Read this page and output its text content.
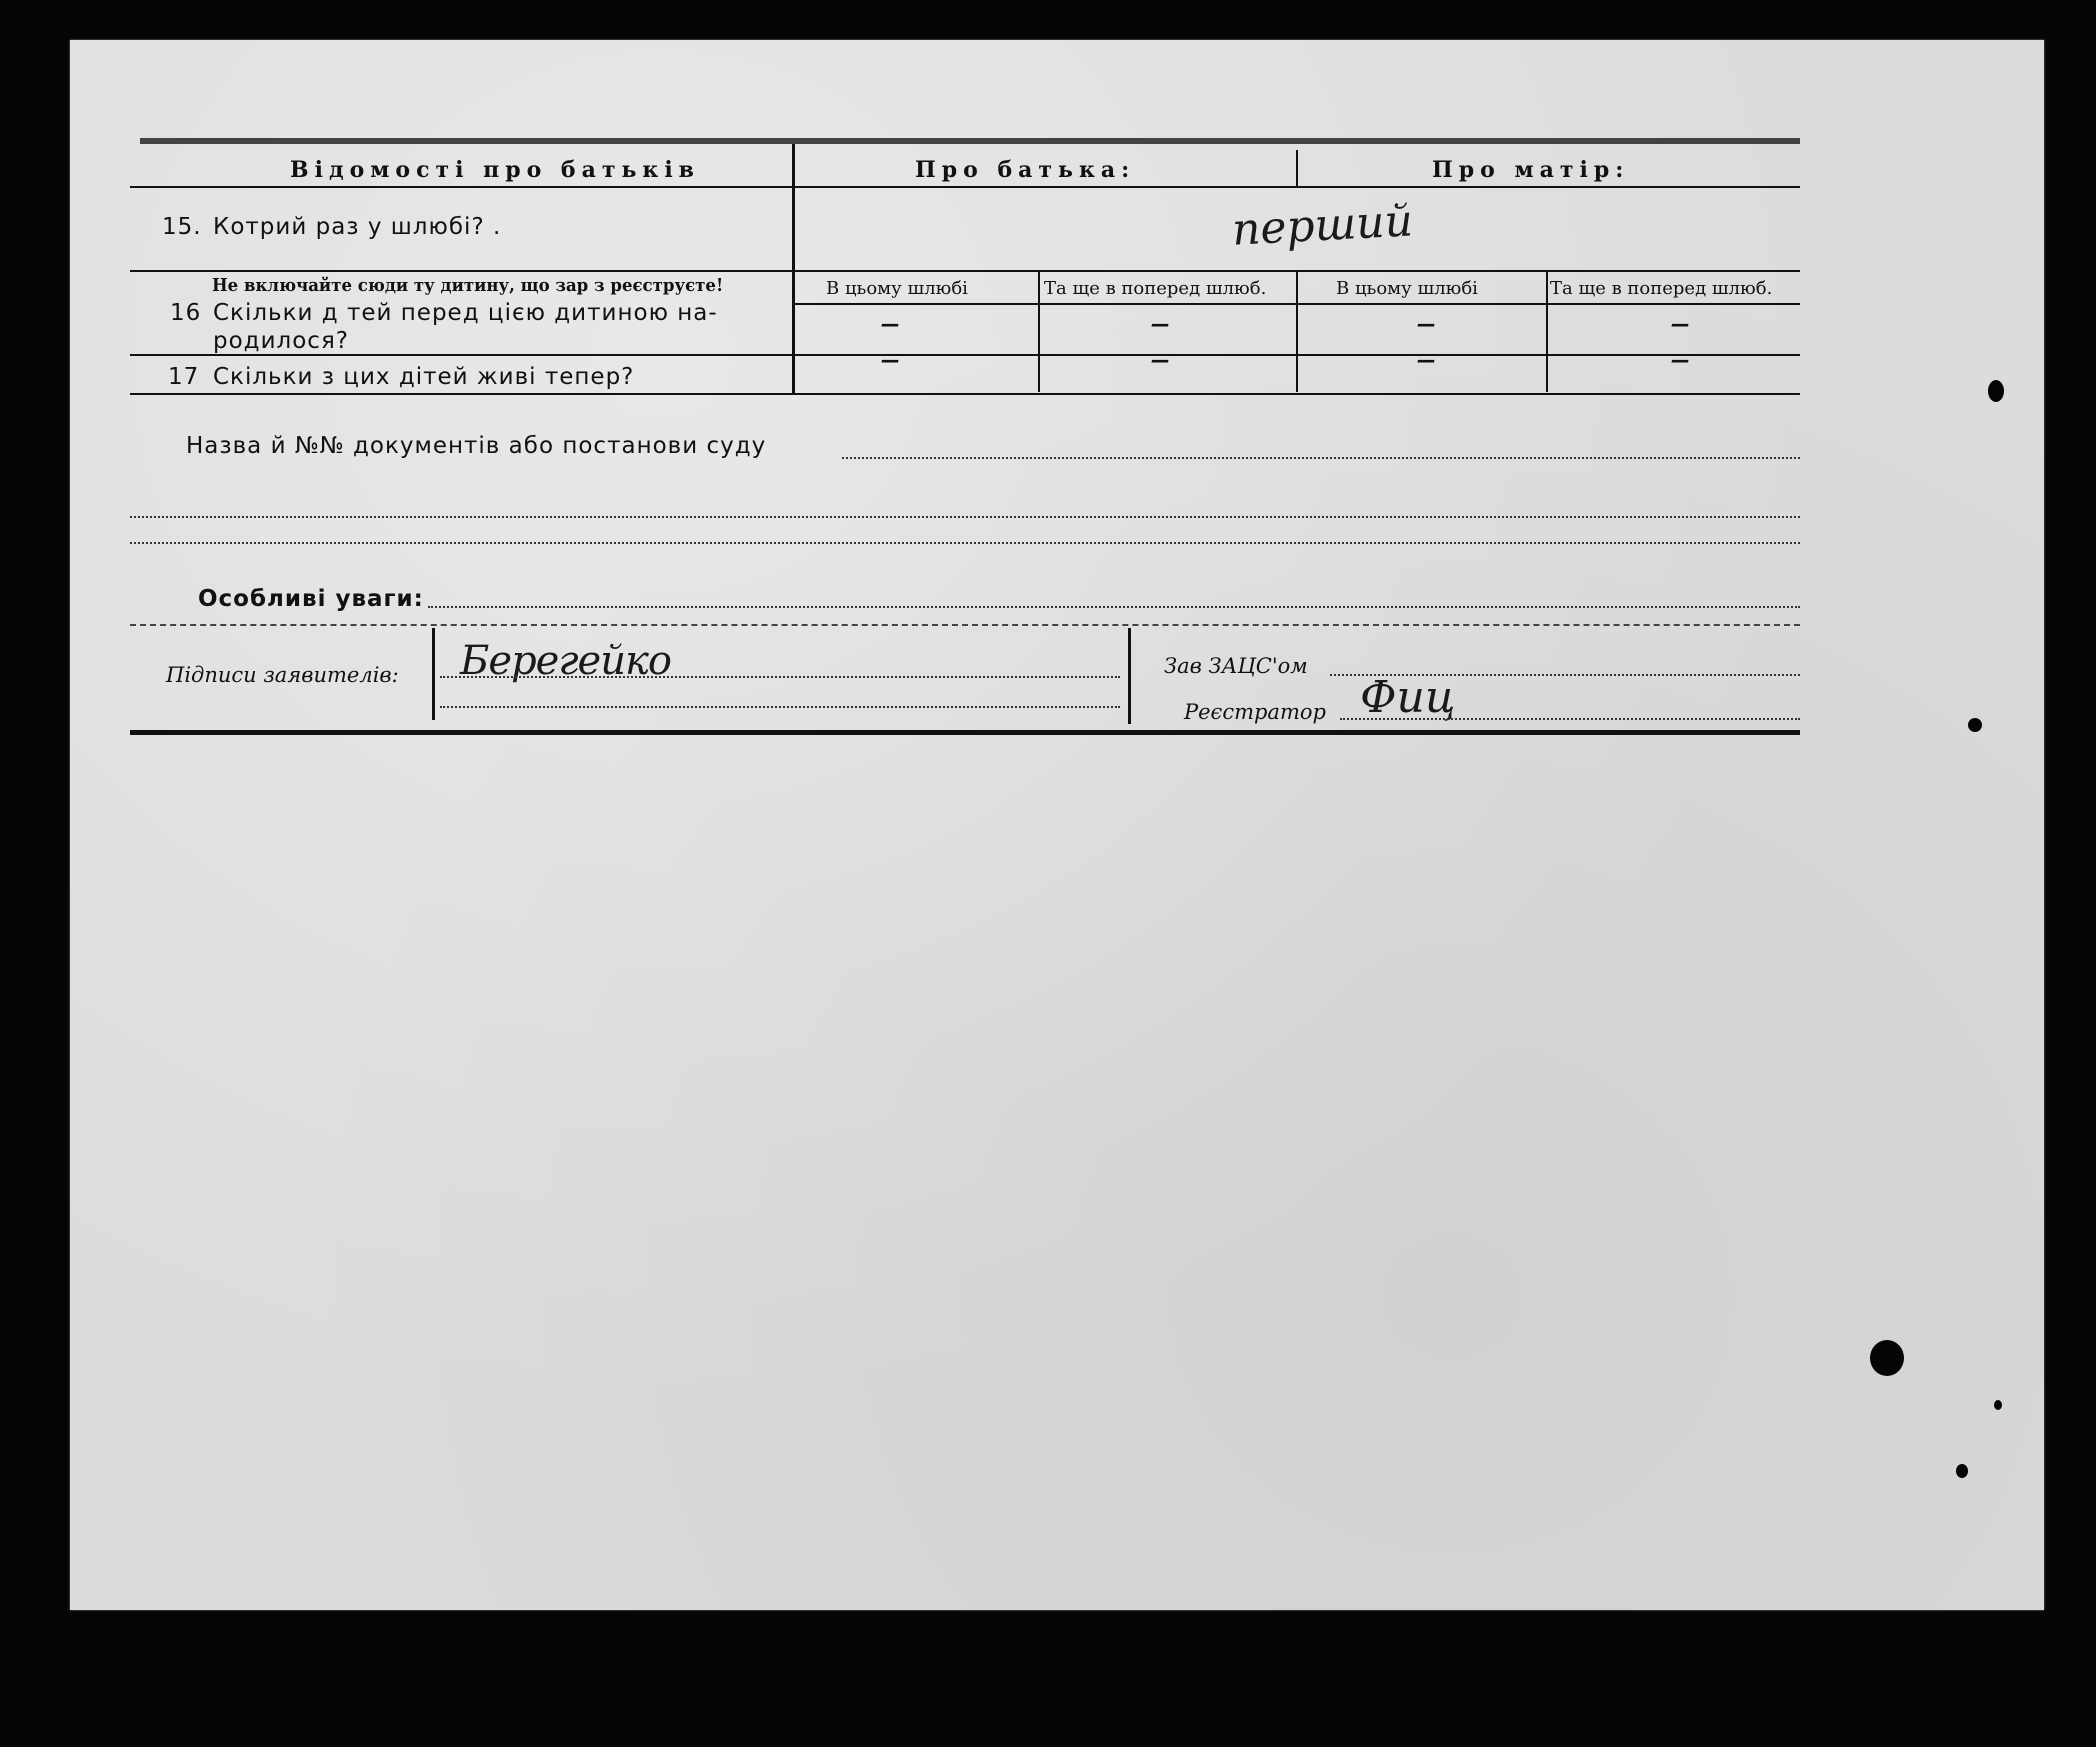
Відомості про батьків	Про батька:	Про матір:
15. Котрий раз у шлюбі? .	перший
Не включайте сюди ту дитину, що зар з реєструєте!
16 Скільки д тей перед цією дитиною на-
родилося?
В цьому шлюбі	Та ще в поперед шлюб.	В цьому шлюбі	Та ще в поперед шлюб.
–	–	–	–
17 Скільки з цих дітей живі тепер?	–	–	–	–
Назва й №№ документів або постанови суду
Особливі уваги:
Підписи заявителів: Берегейко	Зав ЗАЦС'ом
Реєстратор Фиц
